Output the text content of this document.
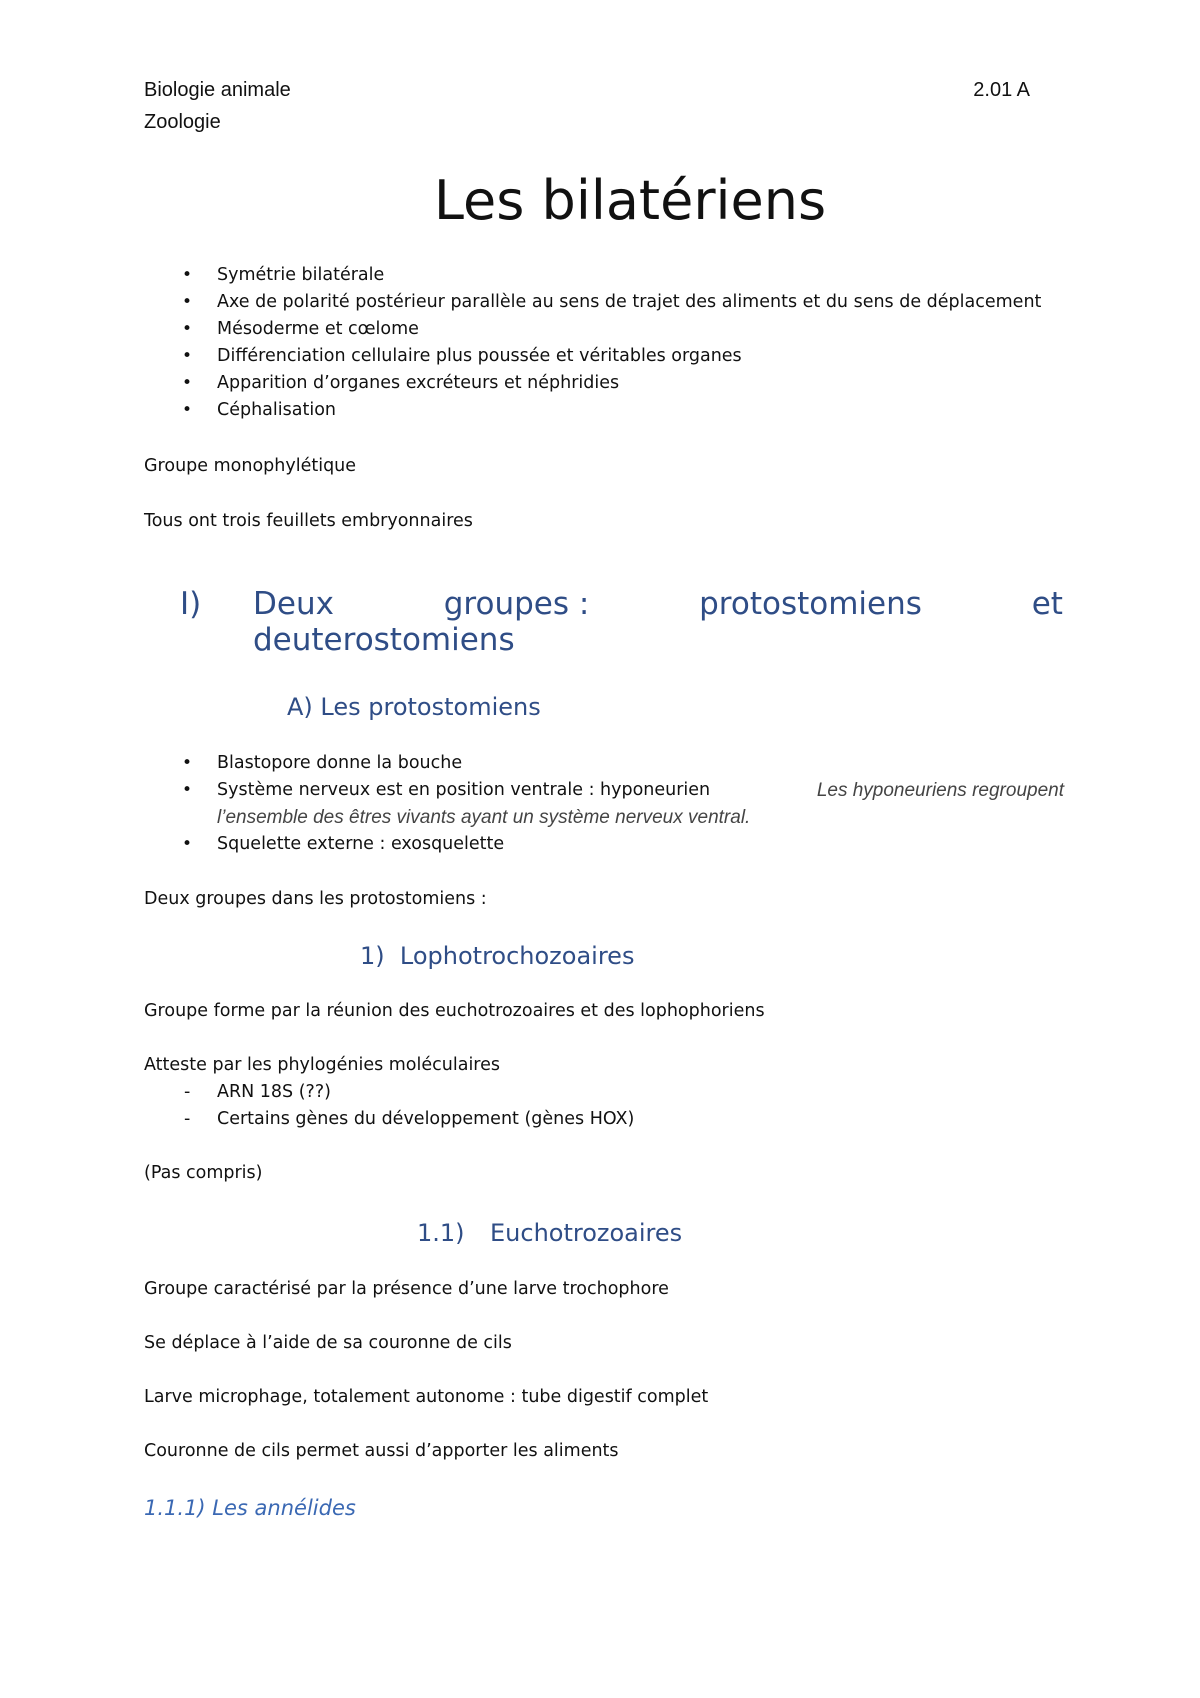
Biologie animale
Zoologie
2.01 A
Les bilatériens
• Symétrie bilatérale
• Axe de polarité postérieur parallèle au sens de trajet des aliments et du sens de déplacement
• Mésoderme et cœlome
• Différenciation cellulaire plus poussée et véritables organes
• Apparition d’organes excréteurs et néphridies
• Céphalisation
Groupe monophylétique
Tous ont trois feuillets embryonnaires
I) Deux	groupes :	protostomiens	et
deuterostomiens
A) Les protostomiens
• Blastopore donne la bouche
• Système nerveux est en position ventrale : hyponeurien	Les hyponeuriens regroupent
l’ensemble des êtres vivants ayant un système nerveux ventral.
• Squelette externe : exosquelette
Deux groupes dans les protostomiens :
1)  Lophotrochozoaires
Groupe forme par la réunion des euchotrozoaires et des lophophoriens
Atteste par les phylogénies moléculaires
- ARN 18S (??)
- Certains gènes du développement (gènes HOX)
(Pas compris)
1.1) Euchotrozoaires
Groupe caractérisé par la présence d’une larve trochophore
Se déplace à l’aide de sa couronne de cils
Larve microphage, totalement autonome : tube digestif complet
Couronne de cils permet aussi d’apporter les aliments
1.1.1) Les annélides
